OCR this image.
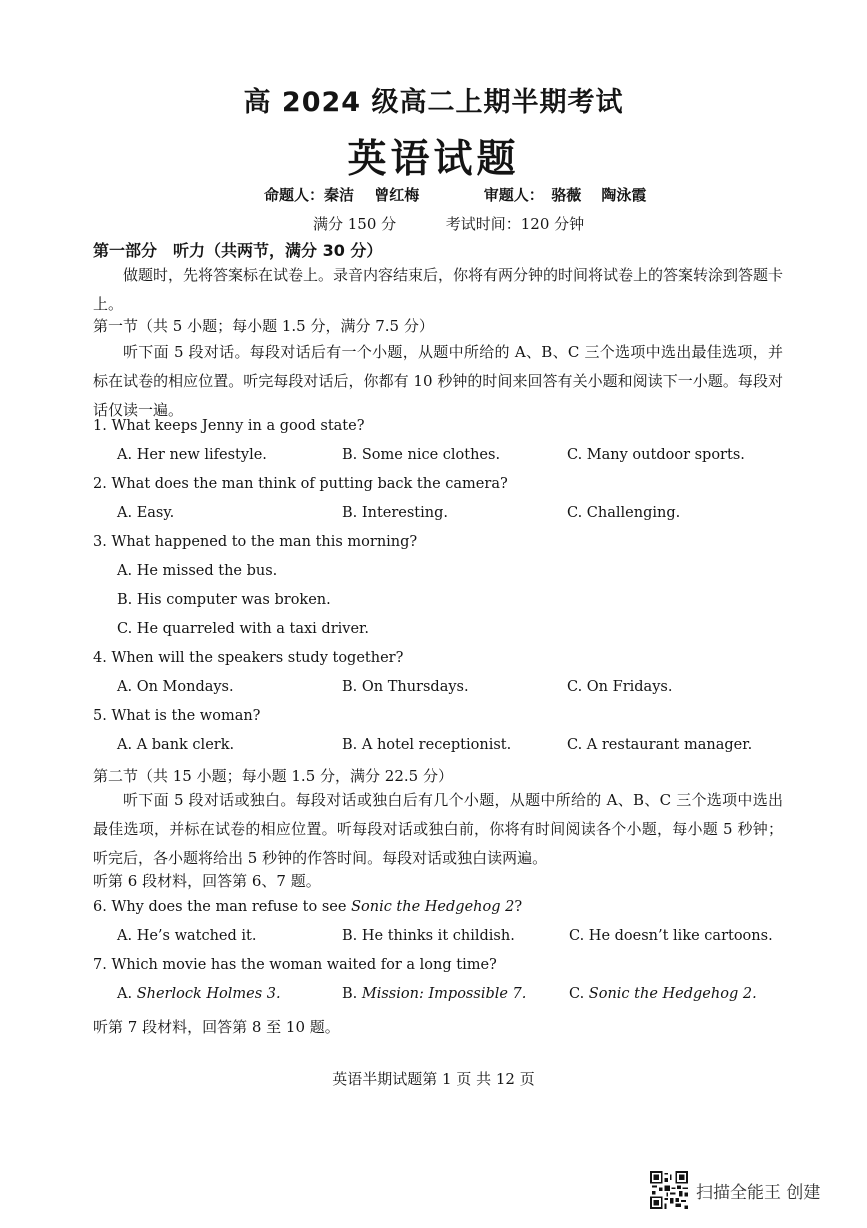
高 2024 级高二上期半期考试
英语试题
命题人：秦洁　 曾红梅	审题人：　骆薇　 陶泳霞
满分 150 分	考试时间：120 分钟
第一部分　听力（共两节，满分 30 分）
做题时，先将答案标在试卷上。录音内容结束后，你将有两分钟的时间将试卷上的答案转涂到答题卡上。
第一节（共 5 小题；每小题 1.5 分，满分 7.5 分）
听下面 5 段对话。每段对话后有一个小题，从题中所给的 A、B、C 三个选项中选出最佳选项，并标在试卷的相应位置。听完每段对话后，你都有 10 秒钟的时间来回答有关小题和阅读下一小题。每段对话仅读一遍。
1. What keeps Jenny in a good state?
A. Her new lifestyle.	B. Some nice clothes.	C. Many outdoor sports.
2. What does the man think of putting back the camera?
A. Easy.	B. Interesting.	C. Challenging.
3. What happened to the man this morning?
A. He missed the bus.
B. His computer was broken.
C. He quarreled with a taxi driver.
4. When will the speakers study together?
A. On Mondays.	B. On Thursdays.	C. On Fridays.
5. What is the woman?
A. A bank clerk.	B. A hotel receptionist.	C. A restaurant manager.
第二节（共 15 小题；每小题 1.5 分，满分 22.5 分）
听下面 5 段对话或独白。每段对话或独白后有几个小题，从题中所给的 A、B、C 三个选项中选出最佳选项，并标在试卷的相应位置。听每段对话或独白前，你将有时间阅读各个小题，每小题 5 秒钟；听完后，各小题将给出 5 秒钟的作答时间。每段对话或独白读两遍。
听第 6 段材料，回答第 6、7 题。
6. Why does the man refuse to see Sonic the Hedgehog 2?
A. He’s watched it.	B. He thinks it childish.	C. He doesn’t like cartoons.
7. Which movie has the woman waited for a long time?
A. Sherlock Holmes 3.	B. Mission: Impossible 7.	C. Sonic the Hedgehog 2.
听第 7 段材料，回答第 8 至 10 题。
英语半期试题第 1 页 共 12 页
扫描全能王 创建
